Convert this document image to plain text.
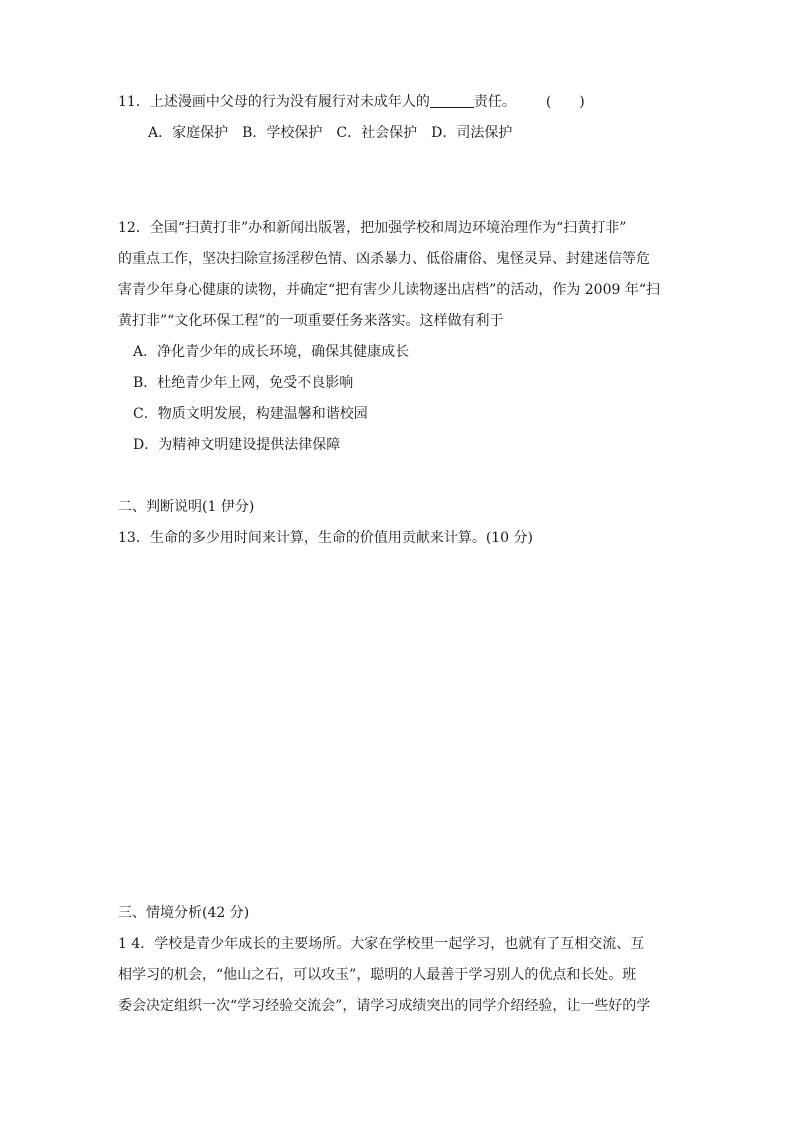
11．上述漫画中父母的行为没有履行对未成年人的	责任。 (　　)
A．家庭保护　B．学校保护　C．社会保护　D．司法保护
12．全国“扫黄打非”办和新闻出版署，把加强学校和周边环境治理作为“扫黄打非”
的重点工作，坚决扫除宣扬淫秽色情、凶杀暴力、低俗庸俗、鬼怪灵异、封建迷信等危
害青少年身心健康的读物，并确定“把有害少儿读物逐出店档”的活动，作为 2009 年“扫
黄打非”“文化环保工程”的一项重要任务来落实。这样做有利于
A．净化青少年的成长环境，确保其健康成长
B．杜绝青少年上网，免受不良影响
C．物质文明发展，构建温馨和谐校园
D．为精神文明建设提供法律保障
二、判断说明(1 伊分)
13．生命的多少用时间来计算，生命的价值用贡献来计算。(10 分)
三、情境分析(42 分)
1 4．学校是青少年成长的主要场所。大家在学校里一起学习，也就有了互相交流、互
相学习的机会，“他山之石，可以攻玉”，聪明的人最善于学习别人的优点和长处。班
委会决定组织一次“学习经验交流会”，请学习成绩突出的同学介绍经验，让一些好的学
